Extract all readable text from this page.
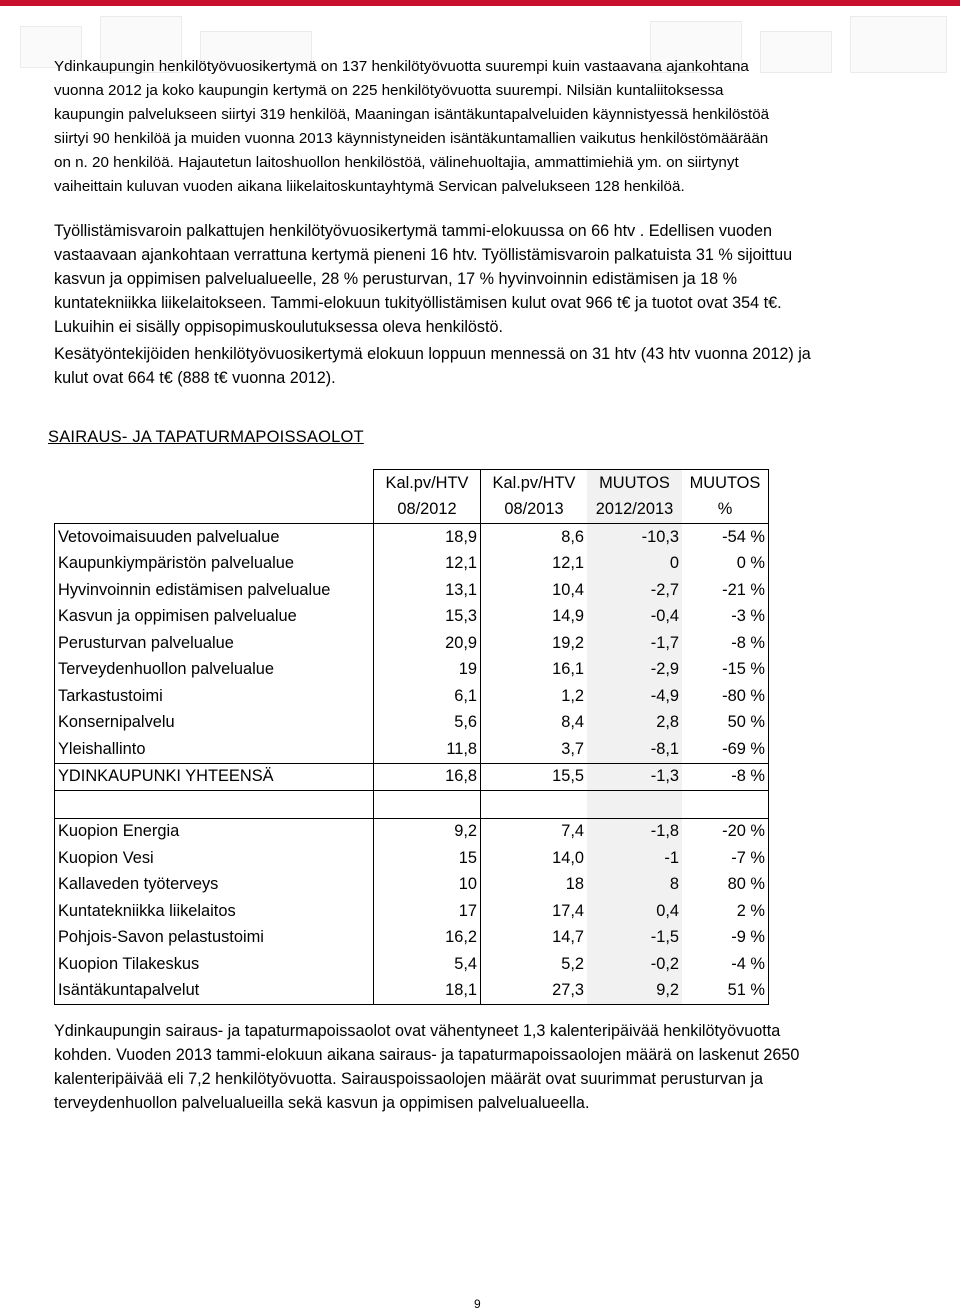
Ydinkaupungin henkilötyövuosikertymä on 137 henkilötyövuotta suurempi kuin vastaavana ajankohtana
vuonna 2012 ja koko kaupungin kertymä on 225 henkilötyövuotta suurempi. Nilsiän kuntaliitoksessa
kaupungin palvelukseen siirtyi 319 henkilöä, Maaningan isäntäkuntapalveluiden käynnistyessä henkilöstöä
siirtyi 90 henkilöä ja muiden vuonna 2013 käynnistyneiden isäntäkuntamallien vaikutus henkilöstömäärään
on n. 20 henkilöä. Hajautetun laitoshuollon henkilöstöä, välinehuoltajia, ammattimiehiä ym. on siirtynyt
vaiheittain kuluvan vuoden aikana liikelaitoskuntayhtymä Servican palvelukseen 128 henkilöä.
Työllistämisvaroin palkattujen henkilötyövuosikertymä tammi-elokuussa on 66 htv . Edellisen vuoden
vastaavaan ajankohtaan verrattuna kertymä pieneni 16 htv. Työllistämisvaroin palkatuista 31 % sijoittuu
kasvun ja oppimisen palvelualueelle, 28 % perusturvan, 17 % hyvinvoinnin edistämisen ja 18 %
kuntatekniikka liikelaitokseen. Tammi-elokuun tukityöllistämisen kulut ovat 966 t€ ja tuotot ovat 354 t€.
Lukuihin ei sisälly oppisopimuskoulutuksessa oleva henkilöstö.
Kesätyöntekijöiden henkilötyövuosikertymä elokuun loppuun mennessä on 31 htv (43 htv vuonna 2012) ja
kulut ovat 664 t€ (888 t€ vuonna 2012).
SAIRAUS- JA TAPATURMAPOISSAOLOT
	Kal.pv/HTV	Kal.pv/HTV	MUUTOS	MUUTOS
	08/2012	08/2013	2012/2013	%
Vetovoimaisuuden palvelualue	18,9	8,6	-10,3	-54 %
Kaupunkiympäristön palvelualue	12,1	12,1	0	0 %
Hyvinvoinnin edistämisen palvelualue	13,1	10,4	-2,7	-21 %
Kasvun ja oppimisen palvelualue	15,3	14,9	-0,4	-3 %
Perusturvan palvelualue	20,9	19,2	-1,7	-8 %
Terveydenhuollon palvelualue	19	16,1	-2,9	-15 %
Tarkastustoimi	6,1	1,2	-4,9	-80 %
Konsernipalvelu	5,6	8,4	2,8	50 %
Yleishallinto	11,8	3,7	-8,1	-69 %
YDINKAUPUNKI YHTEENSÄ	16,8	15,5	-1,3	-8 %

Kuopion Energia	9,2	7,4	-1,8	-20 %
Kuopion Vesi	15	14,0	-1	-7 %
Kallaveden työterveys	10	18	8	80 %
Kuntatekniikka liikelaitos	17	17,4	0,4	2 %
Pohjois-Savon pelastustoimi	16,2	14,7	-1,5	-9 %
Kuopion Tilakeskus	5,4	5,2	-0,2	-4 %
Isäntäkuntapalvelut	18,1	27,3	9,2	51 %
Ydinkaupungin sairaus- ja tapaturmapoissaolot ovat vähentyneet 1,3 kalenteripäivää henkilötyövuotta
kohden. Vuoden 2013 tammi-elokuun aikana sairaus- ja tapaturmapoissaolojen määrä on laskenut 2650
kalenteripäivää eli 7,2 henkilötyövuotta. Sairauspoissaolojen määrät ovat suurimmat perusturvan ja
terveydenhuollon palvelualueilla sekä kasvun ja oppimisen palvelualueella.
9
